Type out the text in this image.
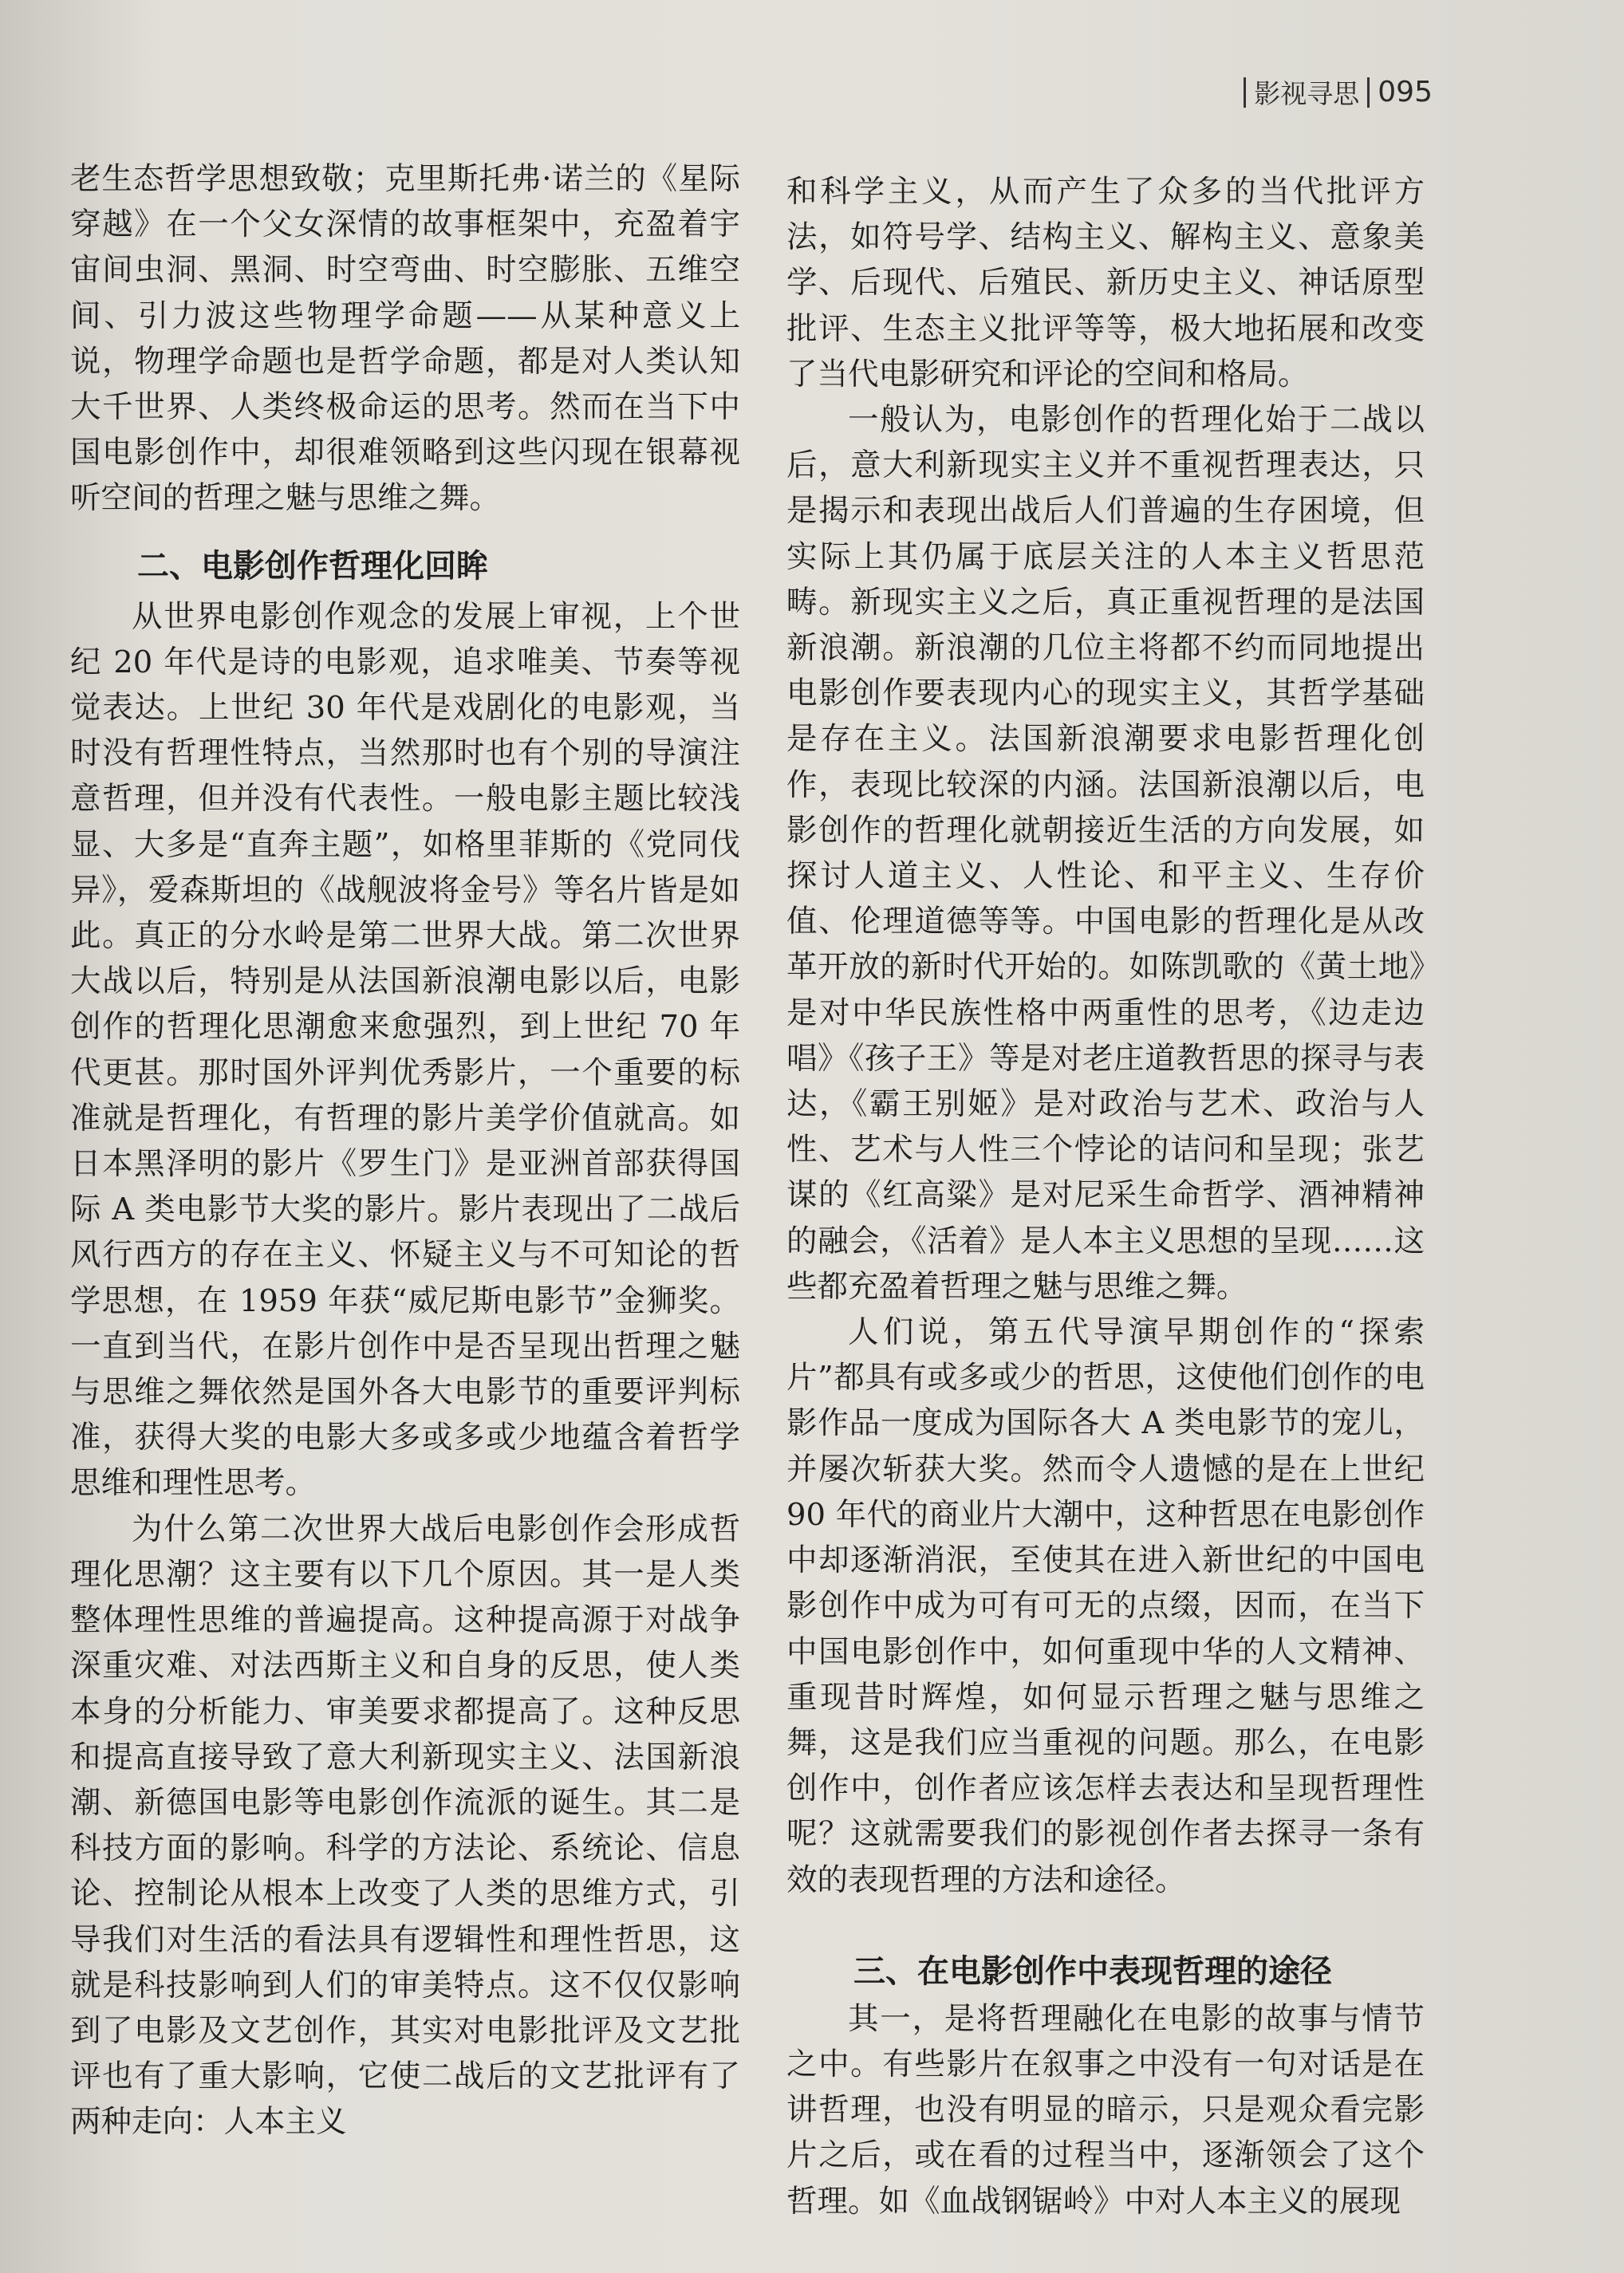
影视寻思 095

老生态哲学思想致敬；克里斯托弗·诺兰的《星际穿越》在一个父女深情的故事框架中，充盈着宇宙间虫洞、黑洞、时空弯曲、时空膨胀、五维空间、引力波这些物理学命题——从某种意义上说，物理学命题也是哲学命题，都是对人类认知大千世界、人类终极命运的思考。然而在当下中国电影创作中，却很难领略到这些闪现在银幕视听空间的哲理之魅与思维之舞。

二、电影创作哲理化回眸

从世界电影创作观念的发展上审视，上个世纪 20 年代是诗的电影观，追求唯美、节奏等视觉表达。上世纪 30 年代是戏剧化的电影观，当时没有哲理性特点，当然那时也有个别的导演注意哲理，但并没有代表性。一般电影主题比较浅显、大多是“直奔主题”，如格里菲斯的《党同伐异》，爱森斯坦的《战舰波将金号》等名片皆是如此。真正的分水岭是第二世界大战。第二次世界大战以后，特别是从法国新浪潮电影以后，电影创作的哲理化思潮愈来愈强烈，到上世纪 70 年代更甚。那时国外评判优秀影片，一个重要的标准就是哲理化，有哲理的影片美学价值就高。如日本黑泽明的影片《罗生门》是亚洲首部获得国际 A 类电影节大奖的影片。影片表现出了二战后风行西方的存在主义、怀疑主义与不可知论的哲学思想，在 1959 年获“威尼斯电影节”金狮奖。一直到当代，在影片创作中是否呈现出哲理之魅与思维之舞依然是国外各大电影节的重要评判标准，获得大奖的电影大多或多或少地蕴含着哲学思维和理性思考。

为什么第二次世界大战后电影创作会形成哲理化思潮？这主要有以下几个原因。其一是人类整体理性思维的普遍提高。这种提高源于对战争深重灾难、对法西斯主义和自身的反思，使人类本身的分析能力、审美要求都提高了。这种反思和提高直接导致了意大利新现实主义、法国新浪潮、新德国电影等电影创作流派的诞生。其二是科技方面的影响。科学的方法论、系统论、信息论、控制论从根本上改变了人类的思维方式，引导我们对生活的看法具有逻辑性和理性哲思，这就是科技影响到人们的审美特点。这不仅仅影响到了电影及文艺创作，其实对电影批评及文艺批评也有了重大影响，它使二战后的文艺批评有了两种走向：人本主义

和科学主义，从而产生了众多的当代批评方法，如符号学、结构主义、解构主义、意象美学、后现代、后殖民、新历史主义、神话原型批评、生态主义批评等等，极大地拓展和改变了当代电影研究和评论的空间和格局。

一般认为，电影创作的哲理化始于二战以后，意大利新现实主义并不重视哲理表达，只是揭示和表现出战后人们普遍的生存困境，但实际上其仍属于底层关注的人本主义哲思范畴。新现实主义之后，真正重视哲理的是法国新浪潮。新浪潮的几位主将都不约而同地提出电影创作要表现内心的现实主义，其哲学基础是存在主义。法国新浪潮要求电影哲理化创作，表现比较深的内涵。法国新浪潮以后，电影创作的哲理化就朝接近生活的方向发展，如探讨人道主义、人性论、和平主义、生存价值、伦理道德等等。中国电影的哲理化是从改革开放的新时代开始的。如陈凯歌的《黄土地》是对中华民族性格中两重性的思考，《边走边唱》《孩子王》等是对老庄道教哲思的探寻与表达，《霸王别姬》是对政治与艺术、政治与人性、艺术与人性三个悖论的诘问和呈现；张艺谋的《红高粱》是对尼采生命哲学、酒神精神的融会，《活着》是人本主义思想的呈现……这些都充盈着哲理之魅与思维之舞。

人们说，第五代导演早期创作的“探索片”都具有或多或少的哲思，这使他们创作的电影作品一度成为国际各大 A 类电影节的宠儿，并屡次斩获大奖。然而令人遗憾的是在上世纪 90 年代的商业片大潮中，这种哲思在电影创作中却逐渐消泯，至使其在进入新世纪的中国电影创作中成为可有可无的点缀，因而，在当下中国电影创作中，如何重现中华的人文精神、重现昔时辉煌，如何显示哲理之魅与思维之舞，这是我们应当重视的问题。那么，在电影创作中，创作者应该怎样去表达和呈现哲理性呢？这就需要我们的影视创作者去探寻一条有效的表现哲理的方法和途径。

三、在电影创作中表现哲理的途径

其一，是将哲理融化在电影的故事与情节之中。有些影片在叙事之中没有一句对话是在讲哲理，也没有明显的暗示，只是观众看完影片之后，或在看的过程当中，逐渐领会了这个哲理。如《血战钢锯岭》中对人本主义的展现
